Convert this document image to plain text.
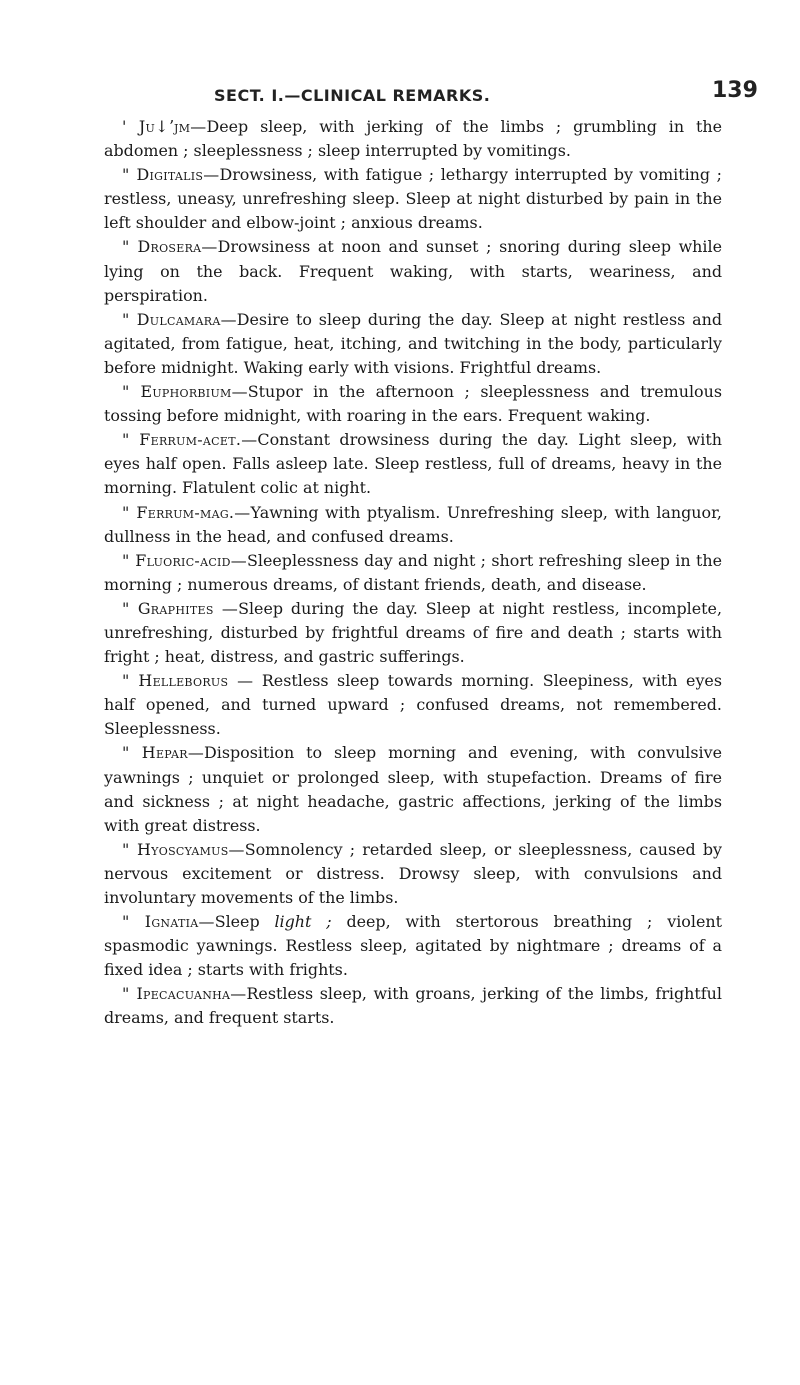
SECT. I.—CLINICAL REMARKS.	139

' Ju↓ʼjm—Deep sleep, with jerking of the limbs ; grumbling in the abdomen ; sleeplessness ; sleep interrupted by vomitings.

" Digitalis—Drowsiness, with fatigue ; lethargy interrupted by vomiting ; restless, uneasy, unrefreshing sleep. Sleep at night disturbed by pain in the left shoulder and elbow-joint ; anxious dreams.

" Drosera—Drowsiness at noon and sunset ; snoring during sleep while lying on the back. Frequent waking, with starts, weariness, and perspiration.

" Dulcamara—Desire to sleep during the day. Sleep at night restless and agitated, from fatigue, heat, itching, and twitching in the body, particularly before midnight. Waking early with visions. Frightful dreams.

" Euphorbium—Stupor in the afternoon ; sleeplessness and tremulous tossing before midnight, with roaring in the ears. Frequent waking.

" Ferrum-acet.—Constant drowsiness during the day. Light sleep, with eyes half open. Falls asleep late. Sleep restless, full of dreams, heavy in the morning. Flatulent colic at night.

" Ferrum-mag.—Yawning with ptyalism. Unrefreshing sleep, with languor, dullness in the head, and confused dreams.

" Fluoric-acid—Sleeplessness day and night ; short refreshing sleep in the morning ; numerous dreams, of distant friends, death, and disease.

" Graphites —Sleep during the day. Sleep at night restless, incomplete, unrefreshing, disturbed by frightful dreams of fire and death ; starts with fright ; heat, distress, and gastric sufferings.

" Helleborus — Restless sleep towards morning. Sleepiness, with eyes half opened, and turned upward ; confused dreams, not remembered. Sleeplessness.

" Hepar—Disposition to sleep morning and evening, with convulsive yawnings ; unquiet or prolonged sleep, with stupefaction. Dreams of fire and sickness ; at night headache, gastric affections, jerking of the limbs with great distress.

" Hyoscyamus—Somnolency ; retarded sleep, or sleeplessness, caused by nervous excitement or distress. Drowsy sleep, with convulsions and involuntary movements of the limbs.

" Ignatia—Sleep light ; deep, with stertorous breathing ; violent spasmodic yawnings. Restless sleep, agitated by nightmare ; dreams of a fixed idea ; starts with frights.

" Ipecacuanha—Restless sleep, with groans, jerking of the limbs, frightful dreams, and frequent starts.
